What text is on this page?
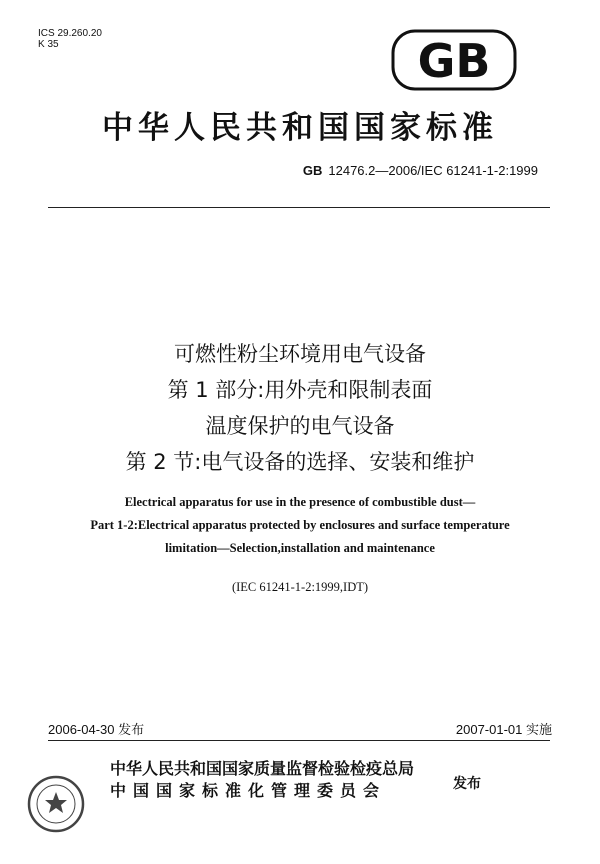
ICS 29.260.20
K 35	GB
中华人民共和国国家标准
GB 12476.2—2006/IEC 61241-1-2:1999
可燃性粉尘环境用电气设备
第 1 部分:用外壳和限制表面
温度保护的电气设备
第 2 节:电气设备的选择、安装和维护
Electrical apparatus for use in the presence of combustible dust—
Part 1-2:Electrical apparatus protected by enclosures and surface temperature
limitation—Selection,installation and maintenance
(IEC 61241-1-2:1999,IDT)
2006-04-30 发布	2007-01-01 实施
中华人民共和国国家质量监督检验检疫总局
中国国家标准化管理委员会	发布
